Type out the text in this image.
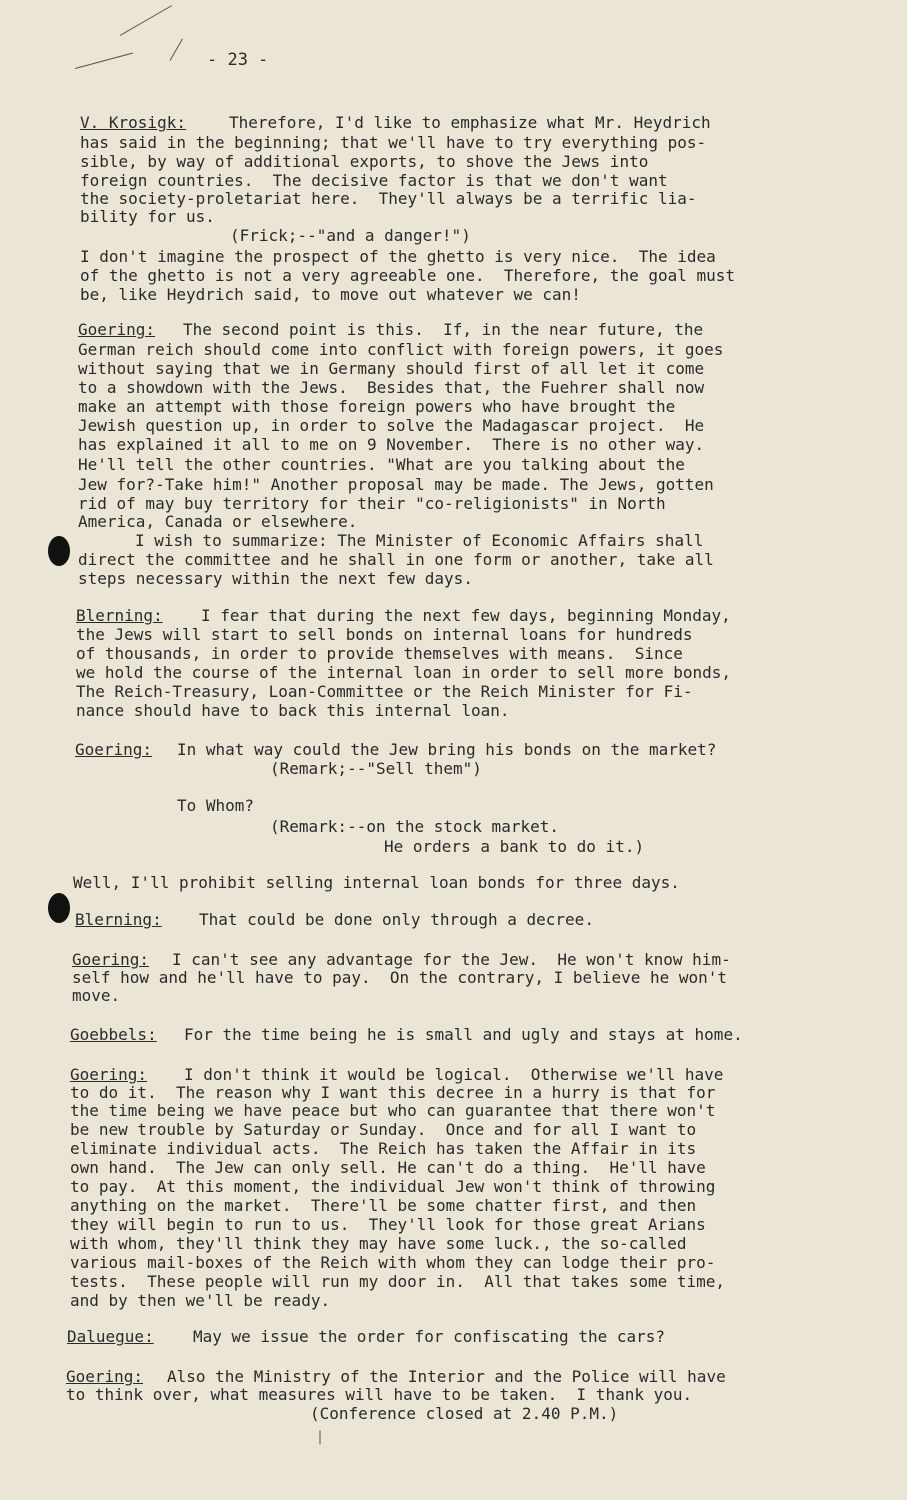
- 23 -
V. Krosigk:	Therefore, I'd like to emphasize what Mr. Heydrich
has said in the beginning; that we'll have to try everything pos-
sible, by way of additional exports, to shove the Jews into
foreign countries.  The decisive factor is that we don't want
the society-proletariat here.  They'll always be a terrific lia-
bility for us.
(Frick;--"and a danger!")
I don't imagine the prospect of the ghetto is very nice.  The idea
of the ghetto is not a very agreeable one.  Therefore, the goal must
be, like Heydrich said, to move out whatever we can!
Goering: The second point is this.  If, in the near future, the
German reich should come into conflict with foreign powers, it goes
without saying that we in Germany should first of all let it come
to a showdown with the Jews.  Besides that, the Fuehrer shall now
make an attempt with those foreign powers who have brought the
Jewish question up, in order to solve the Madagascar project.  He
has explained it all to me on 9 November.  There is no other way.
He'll tell the other countries. "What are you talking about the
Jew for?-Take him!" Another proposal may be made. The Jews, gotten
rid of may buy territory for their "co-religionists" in North
America, Canada or elsewhere.
I wish to summarize: The Minister of Economic Affairs shall
direct the committee and he shall in one form or another, take all
steps necessary within the next few days.
Blerning: I fear that during the next few days, beginning Monday,
the Jews will start to sell bonds on internal loans for hundreds
of thousands, in order to provide themselves with means.  Since
we hold the course of the internal loan in order to sell more bonds,
The Reich-Treasury, Loan-Committee or the Reich Minister for Fi-
nance should have to back this internal loan.
Goering: In what way could the Jew bring his bonds on the market?
(Remark;--"Sell them")
To Whom?
(Remark:--on the stock market.
He orders a bank to do it.)
Well, I'll prohibit selling internal loan bonds for three days.
Blerning: That could be done only through a decree.
Goering: I can't see any advantage for the Jew.  He won't know him-
self how and he'll have to pay.  On the contrary, I believe he won't
move.
Goebbels: For the time being he is small and ugly and stays at home.
Goering: I don't think it would be logical.  Otherwise we'll have
to do it.  The reason why I want this decree in a hurry is that for
the time being we have peace but who can guarantee that there won't
be new trouble by Saturday or Sunday.  Once and for all I want to
eliminate individual acts.  The Reich has taken the Affair in its
own hand.  The Jew can only sell. He can't do a thing.  He'll have
to pay.  At this moment, the individual Jew won't think of throwing
anything on the market.  There'll be some chatter first, and then
they will begin to run to us.  They'll look for those great Arians
with whom, they'll think they may have some luck., the so-called
various mail-boxes of the Reich with whom they can lodge their pro-
tests.  These people will run my door in.  All that takes some time,
and by then we'll be ready.
Daluegue: May we issue the order for confiscating the cars?
Goering: Also the Ministry of the Interior and the Police will have
to think over, what measures will have to be taken.  I thank you.
(Conference closed at 2.40 P.M.)
